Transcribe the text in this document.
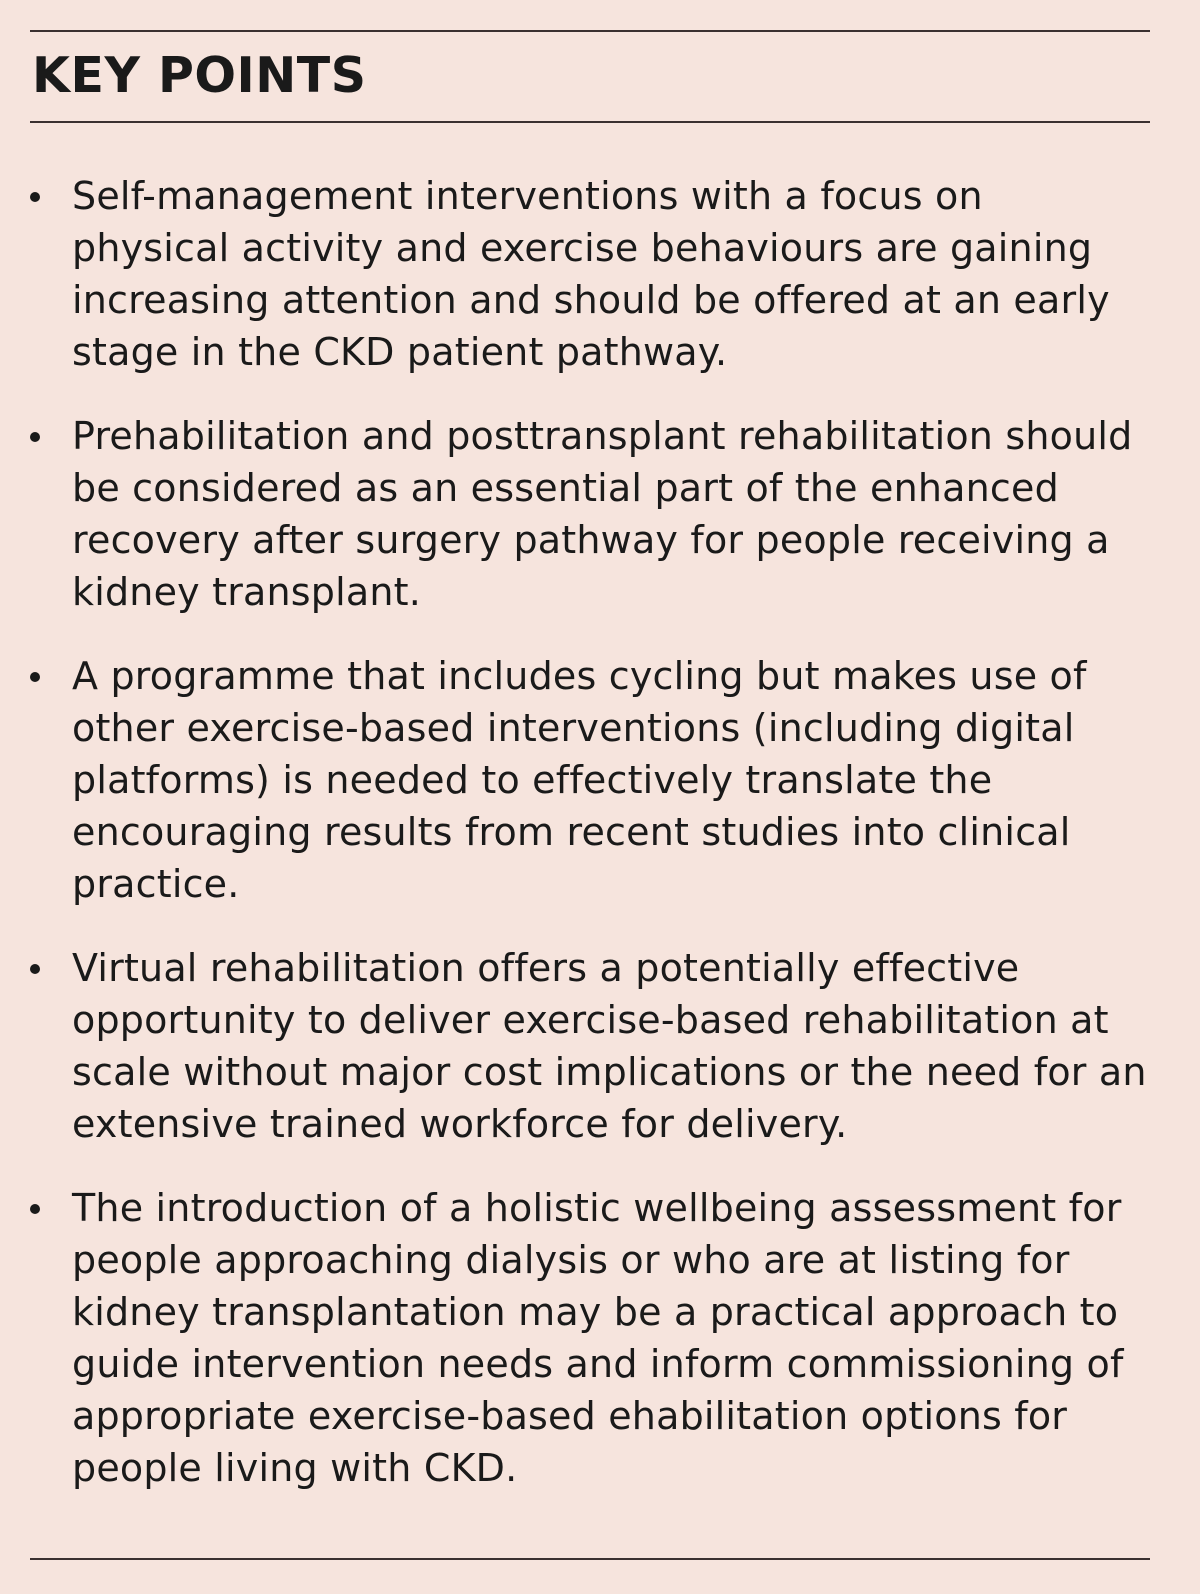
KEY POINTS
Self-management interventions with a focus on physical activity and exercise behaviours are gaining increasing attention and should be offered at an early stage in the CKD patient pathway.
Prehabilitation and posttransplant rehabilitation should be considered as an essential part of the enhanced recovery after surgery pathway for people receiving a kidney transplant.
A programme that includes cycling but makes use of other exercise-based interventions (including digital platforms) is needed to effectively translate the encouraging results from recent studies into clinical practice.
Virtual rehabilitation offers a potentially effective opportunity to deliver exercise-based rehabilitation at scale without major cost implications or the need for an extensive trained workforce for delivery.
The introduction of a holistic wellbeing assessment for people approaching dialysis or who are at listing for kidney transplantation may be a practical approach to guide intervention needs and inform commissioning of appropriate exercise-based ehabilitation options for people living with CKD.
